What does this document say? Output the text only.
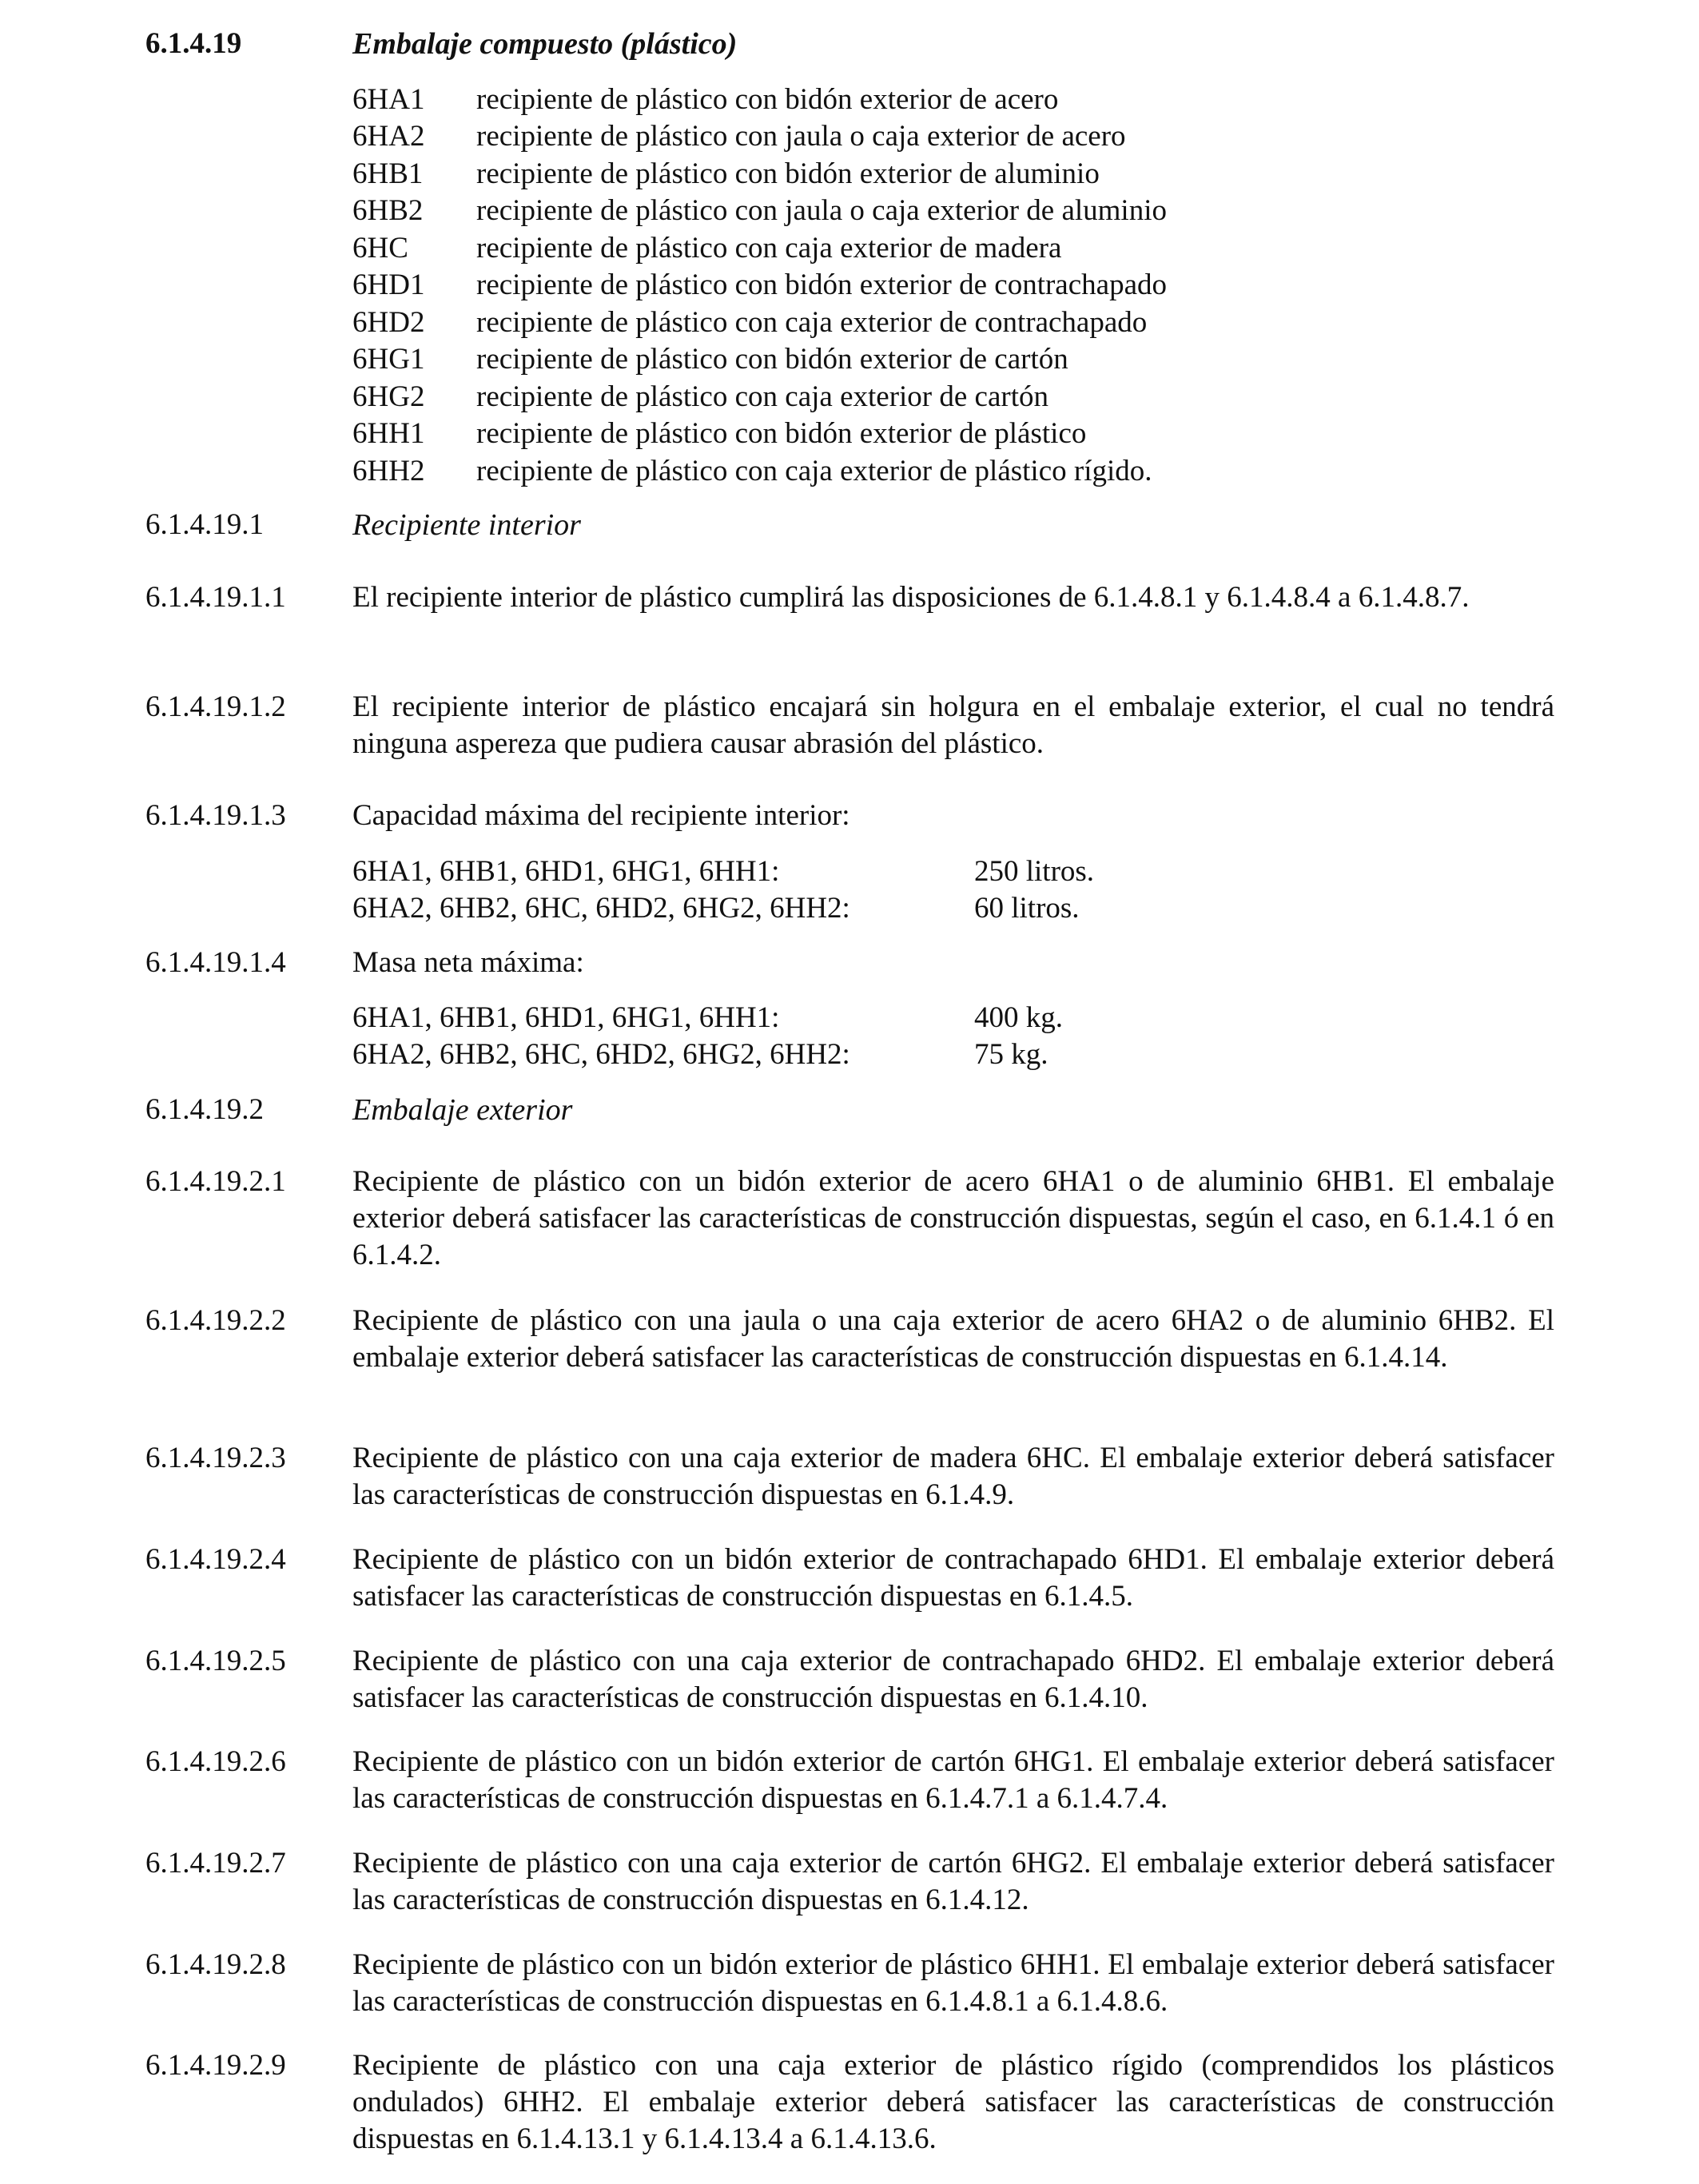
6.1.4.19	Embalaje compuesto (plástico)
6HA1 recipiente de plástico con bidón exterior de acero
6HA2 recipiente de plástico con jaula o caja exterior de acero
6HB1 recipiente de plástico con bidón exterior de aluminio
6HB2 recipiente de plástico con jaula o caja exterior de aluminio
6HC recipiente de plástico con caja exterior de madera
6HD1 recipiente de plástico con bidón exterior de contrachapado
6HD2 recipiente de plástico con caja exterior de contrachapado
6HG1 recipiente de plástico con bidón exterior de cartón
6HG2 recipiente de plástico con caja exterior de cartón
6HH1 recipiente de plástico con bidón exterior de plástico
6HH2 recipiente de plástico con caja exterior de plástico rígido.
6.1.4.19.1	Recipiente interior
6.1.4.19.1.1 El recipiente interior de plástico cumplirá las disposiciones de 6.1.4.8.1 y 6.1.4.8.4 a 6.1.4.8.7.

6.1.4.19.1.2 El recipiente interior de plástico encajará sin holgura en el embalaje exterior, el cual no tendrá ninguna aspereza que pudiera causar abrasión del plástico.

6.1.4.19.1.3 Capacidad máxima del recipiente interior:

6HA1, 6HB1, 6HD1, 6HG1, 6HH1:	250 litros.
6HA2, 6HB2, 6HC, 6HD2, 6HG2, 6HH2:	60 litros.
6.1.4.19.1.4 Masa neta máxima:

6HA1, 6HB1, 6HD1, 6HG1, 6HH1:	400 kg.
6HA2, 6HB2, 6HC, 6HD2, 6HG2, 6HH2:	75 kg.
6.1.4.19.2	Embalaje exterior
6.1.4.19.2.1 Recipiente de plástico con un bidón exterior de acero 6HA1 o de aluminio 6HB1. El embalaje exterior deberá satisfacer las características de construcción dispuestas, según el caso, en 6.1.4.1 ó en 6.1.4.2.

6.1.4.19.2.2 Recipiente de plástico con una jaula o una caja exterior de acero 6HA2 o de aluminio 6HB2. El embalaje exterior deberá satisfacer las características de construcción dispuestas en 6.1.4.14.

6.1.4.19.2.3 Recipiente de plástico con una caja exterior de madera 6HC. El embalaje exterior deberá satisfacer las características de construcción dispuestas en 6.1.4.9.

6.1.4.19.2.4 Recipiente de plástico con un bidón exterior de contrachapado 6HD1. El embalaje exterior deberá satisfacer las características de construcción dispuestas en 6.1.4.5.

6.1.4.19.2.5 Recipiente de plástico con una caja exterior de contrachapado 6HD2. El embalaje exterior deberá satisfacer las características de construcción dispuestas en 6.1.4.10.

6.1.4.19.2.6 Recipiente de plástico con un bidón exterior de cartón 6HG1. El embalaje exterior deberá satisfacer las características de construcción dispuestas en 6.1.4.7.1 a 6.1.4.7.4.

6.1.4.19.2.7 Recipiente de plástico con una caja exterior de cartón 6HG2. El embalaje exterior deberá satisfacer las características de construcción dispuestas en 6.1.4.12.

6.1.4.19.2.8 Recipiente de plástico con un bidón exterior de plástico 6HH1. El embalaje exterior deberá satisfacer las características de construcción dispuestas en 6.1.4.8.1 a 6.1.4.8.6.

6.1.4.19.2.9 Recipiente de plástico con una caja exterior de plástico rígido (comprendidos los plásticos ondulados) 6HH2. El embalaje exterior deberá satisfacer las características de construcción dispuestas en 6.1.4.13.1 y 6.1.4.13.4 a 6.1.4.13.6.
